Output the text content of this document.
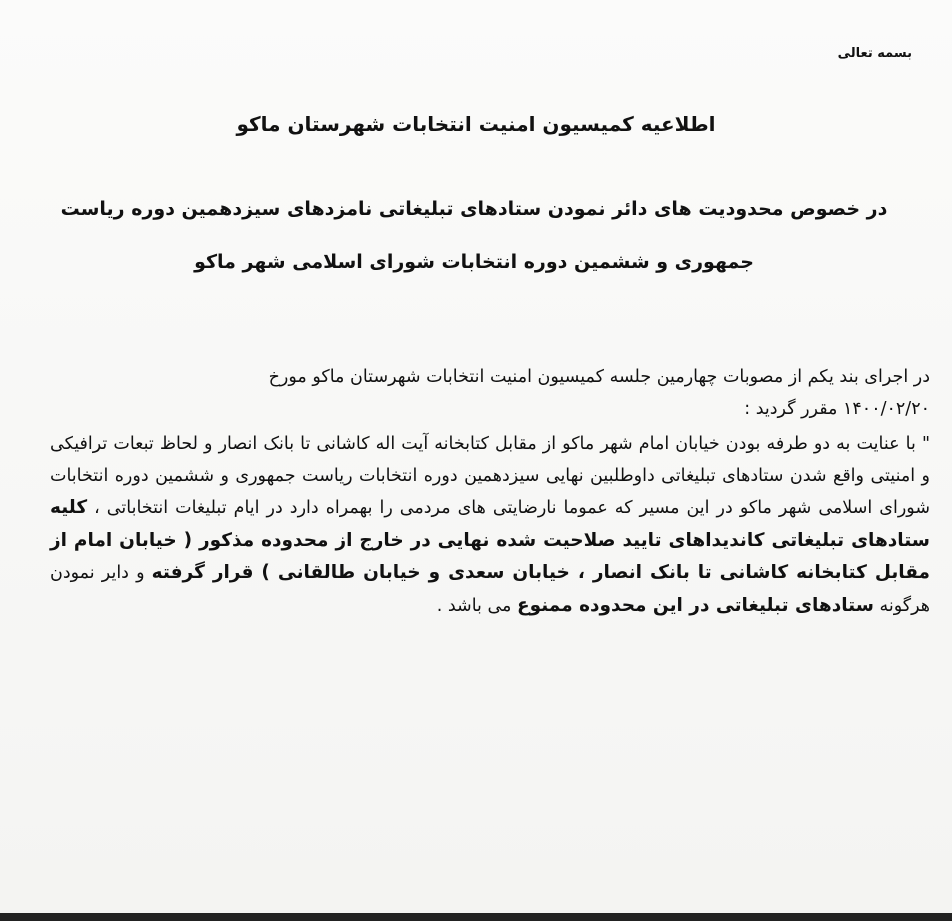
بسمه تعالی
اطلاعیه کمیسیون امنیت انتخابات شهرستان ماکو
در خصوص محدودیت های دائر نمودن ستادهای تبلیغاتی نامزدهای سیزدهمین دوره ریاست جمهوری و ششمین دوره انتخابات شورای اسلامی شهر ماکو

در اجرای بند یکم از مصوبات چهارمین جلسه کمیسیون امنیت انتخابات شهرستان ماکو مورخ

۱۴۰۰/۰۲/۲۰ مقرر گردید :

" با عنایت به دو طرفه بودن خیابان امام شهر ماکو از مقابل کتابخانه آیت اله کاشانی تا بانک انصار و لحاظ تبعات ترافیکی و امنیتی واقع شدن ستادهای تبلیغاتی داوطلبین نهایی سیزدهمین دوره انتخابات ریاست جمهوری و ششمین دوره انتخابات شورای اسلامی شهر ماکو در این مسیر که عموما نارضایتی های مردمی را بهمراه دارد در ایام تبلیغات انتخاباتی ، کلیه ستادهای تبلیغاتی کاندیداهای تایید صلاحیت شده نهایی در خارج از محدوده مذکور ( خیابان امام از مقابل کتابخانه کاشانی تا بانک انصار ، خیابان سعدی و خیابان طالقانی ) قرار گرفته و دایر نمودن هرگونه ستادهای تبلیغاتی در این محدوده ممنوع می باشد .
